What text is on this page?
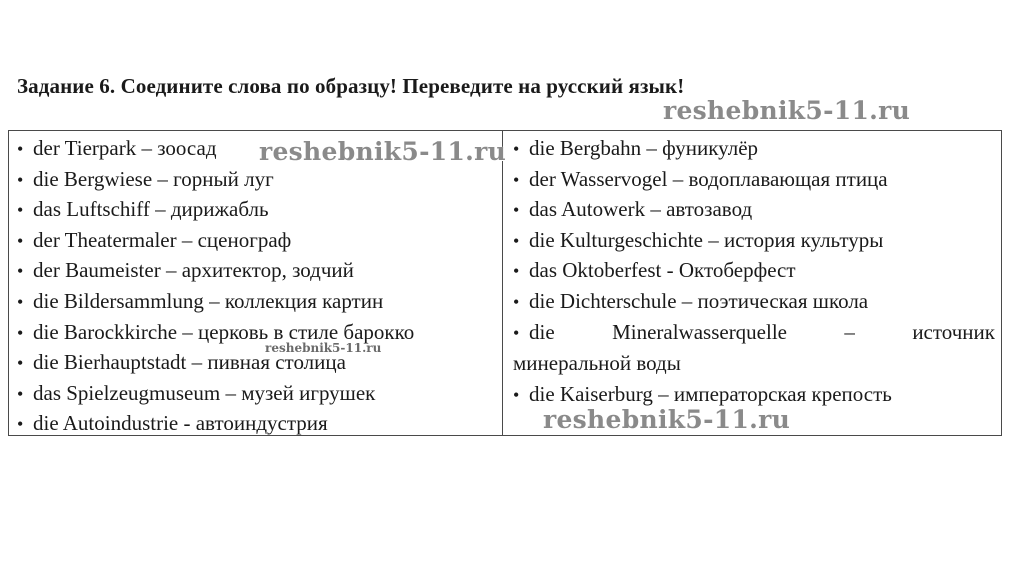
Задание 6. Соедините слова по образцу! Переведите на русский язык!
• der Tierpark – зоосад
• die Bergwiese – горный луг
• das Luftschiff – дирижабль
• der Theatermaler – сценограф
• der Baumeister – архитектор, зодчий
• die Bildersammlung – коллекция картин
• die Barockkirche – церковь в стиле барокко
• die Bierhauptstadt – пивная столица
• das Spielzeugmuseum – музей игрушек
• die Autoindustrie - автоиндустрия
• die Bergbahn – фуникулёр
• der Wasservogel – водоплавающая птица
• das Autowerk – автозавод
• die Kulturgeschichte – история культуры
• das Oktoberfest - Октоберфест
• die Dichterschule – поэтическая школа
• die	Mineralwasserquelle	–	источник
минеральной воды
• die Kaiserburg – императорская крепость
reshebnik5-11.ru
reshebnik5-11.ru
reshebnik5-11.ru
reshebnik5-11.ru
